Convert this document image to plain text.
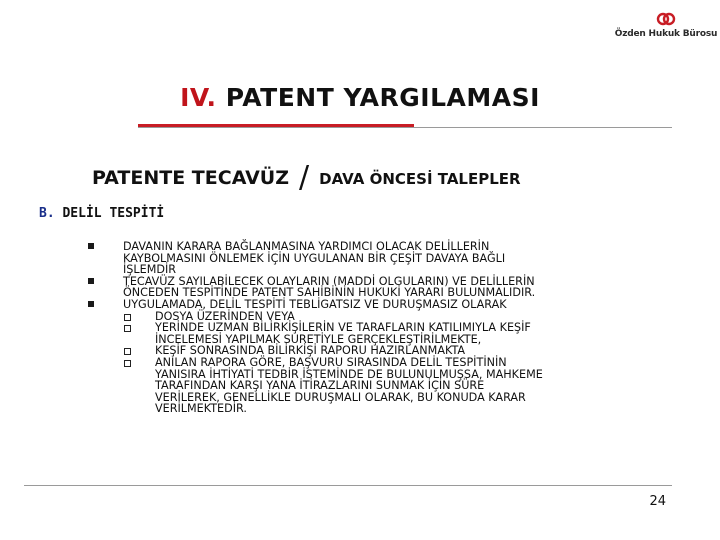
Özden Hukuk Bürosu
IV. PATENT YARGILAMASI
PATENTE TECAVÜZ / DAVA ÖNCESİ TALEPLER
B. DELİL TESPİTİ
DAVANIN KARARA BAĞLANMASINA YARDIMCI OLACAK DELİLLERİN
KAYBOLMASINI ÖNLEMEK İÇİN UYGULANAN BİR ÇEŞİT DAVAYA BAĞLI
İŞLEMDİR
TECAVÜZ SAYILABİLECEK OLAYLARIN (MADDİ OLGULARIN) VE DELİLLERİN
ÖNCEDEN TESPİTİNDE PATENT SAHİBİNİN HUKUKİ YARARI BULUNMALIDIR.
UYGULAMADA, DELİL TESPİTİ TEBLİGATSIZ VE DURUŞMASIZ OLARAK
DOSYA ÜZERİNDEN VEYA
YERİNDE UZMAN BİLİRKİŞİLERİN VE TARAFLARIN KATILIMIYLA KEŞİF
İNCELEMESİ YAPILMAK SURETİYLE GERÇEKLEŞTİRİLMEKTE,
KEŞİF SONRASINDA BİLİRKİŞİ RAPORU HAZIRLANMAKTA
ANILAN RAPORA GÖRE, BAŞVURU SIRASINDA DELİL TESPİTİNİN
YANISIRA İHTİYATİ TEDBİR İSTEMİNDE DE BULUNULMUŞSA, MAHKEME
TARAFINDAN KARŞI YANA İTİRAZLARINI SUNMAK İÇİN SÜRE
VERİLEREK, GENELLİKLE DURUŞMALI OLARAK, BU KONUDA KARAR
VERİLMEKTEDİR.
24
